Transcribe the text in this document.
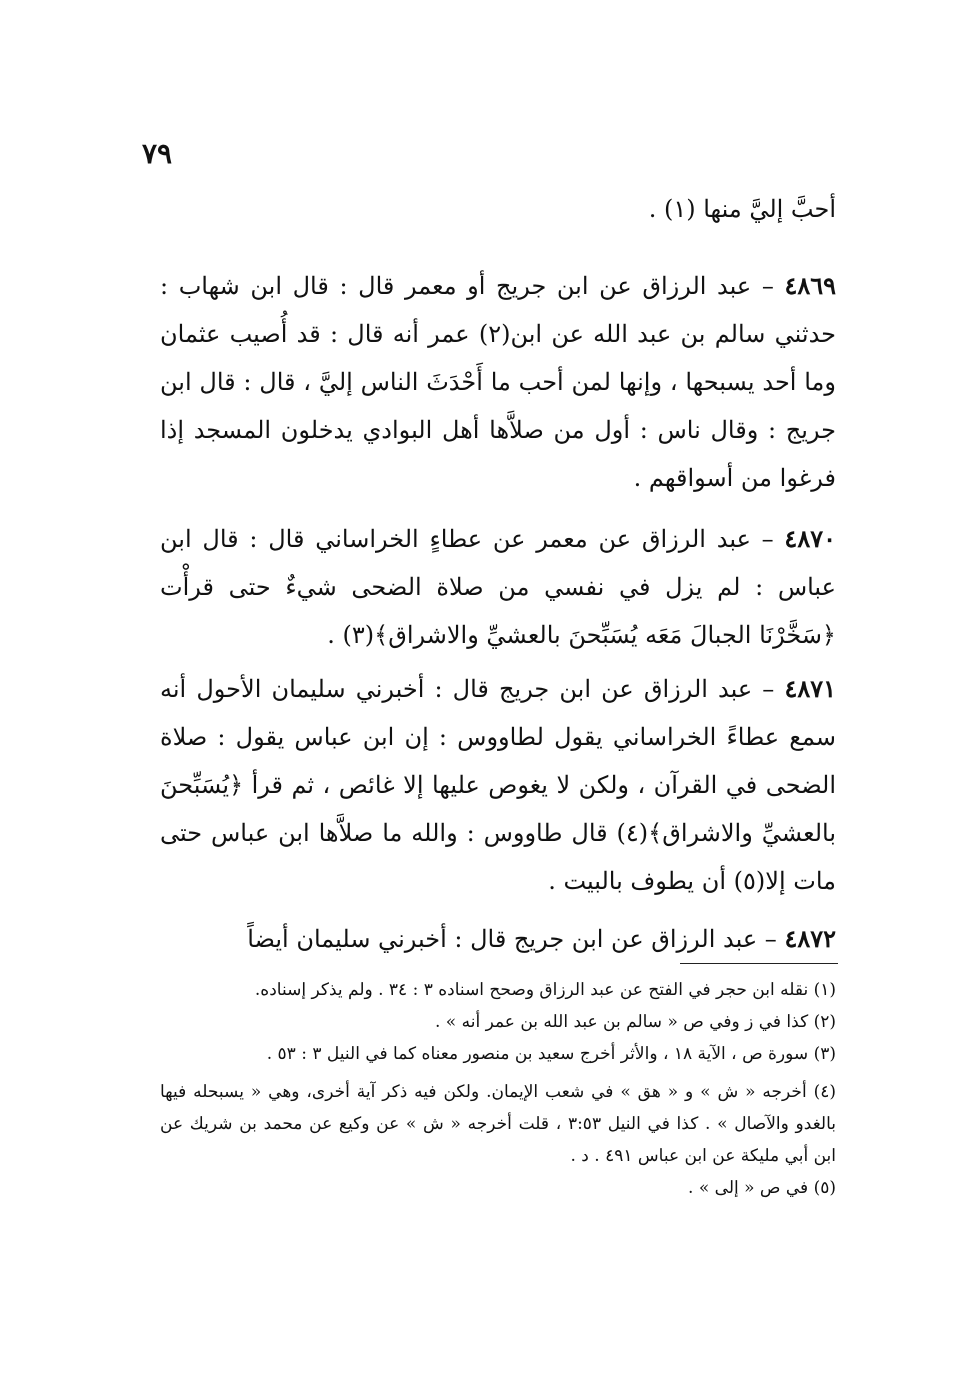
٧٩
أحبَّ إليَّ منها (١) .
٤٨٦٩ – عبد الرزاق عن ابن جريج أو معمر قال : قال ابن شهاب : حدثني سالم بن عبد الله عن ابن(٢) عمر أنه قال : قد أُصيب عثمان وما أحد يسبحها ، وإنها لمن أحب ما أَحْدَثَ الناس إليَّ ، قال : قال ابن جريج : وقال ناس : أول من صلاَّها أهل البوادي يدخلون المسجد إذا فرغوا من أسواقهم .
٤٨٧٠ – عبد الرزاق عن معمر عن عطاءٍ الخراساني قال : قال ابن عباس : لم يزل في نفسي من صلاة الضحى شيءٌ حتى قرأْت ﴿سَخَّرْنَا الجبالَ مَعَه يُسَبِّحنَ بالعشيِّ والاشراق﴾(٣) .
٤٨٧١ – عبد الرزاق عن ابن جريج قال : أخبرني سليمان الأحول أنه سمع عطاءً الخراساني يقول لطاووس : إن ابن عباس يقول : صلاة الضحى في القرآن ، ولكن لا يغوص عليها إلا غائص ، ثم قرأ ﴿يُسَبِّحنَ بالعشيِّ والاشراق﴾(٤) قال طاووس : والله ما صلاَّها ابن عباس حتى مات إلا(٥) أن يطوف بالبيت .
٤٨٧٢ – عبد الرزاق عن ابن جريج قال : أخبرني سليمان أيضاً

(١) نقله ابن حجر في الفتح عن عبد الرزاق وصحح اسناده ٣ : ٣٤ . ولم يذكر إسناده.

(٢) كذا في ز وفي ص « سالم بن عبد الله بن عمر أنه » .

(٣) سورة ص ، الآية ١٨ ، والأثر أخرج سعيد بن منصور معناه كما في النيل ٣ : ٥٣ .

(٤) أخرجه « ش » و « هق » في شعب الإيمان. ولكن فيه ذكر آية أخرى، وهي « يسبحله فيها بالغدو والآصال » . كذا في النيل ٣:٥٣ ، قلت أخرجه « ش » عن وكيع عن محمد بن شريك عن ابن أبي مليكة عن ابن عباس ٤٩١ . د .

(٥) في ص « إلى » .
